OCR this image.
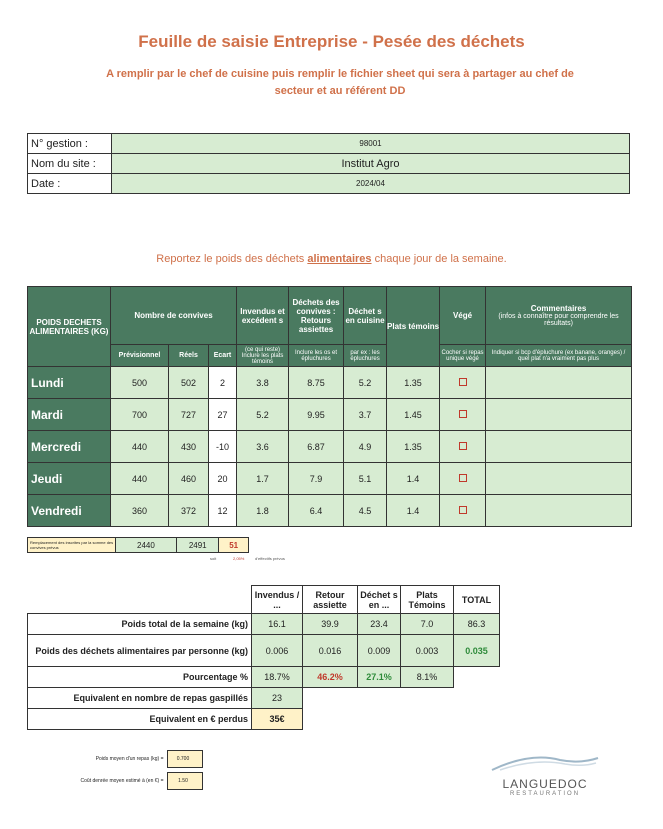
Feuille de saisie Entreprise - Pesée des déchets
A remplir par le chef de cuisine puis remplir le fichier sheet qui sera à partager au chef de secteur et au référent DD
N° gestion :	98001
Nom du site :	Institut Agro
Date :	2024/04
Reportez le poids des déchets alimentaires chaque jour de la semaine.
POIDS DECHETS ALIMENTAIRES (KG)	Nombre de convives			Invendus et excédent s	Déchets des convives : Retours assiettes	Déchet s en cuisine	Plats témoins	Végé	Commentaires
(infos à connaître pour comprendre les résultats)

	Prévisionnel	Réels	Ecart	(ce qui reste) Inclure les plats témoins	Inclure les os et épluchures	par ex : les épluchures		Cocher si repas unique végé	Indiquer si bcp d'épluchure (ex banane, oranges) / quel plat n'a vraiment pas plus
Lundi	500	502	2	3.8	8.75	5.2	1.35		
Mardi	700	727	27	5.2	9.95	3.7	1.45		
Mercredi	440	430	-10	3.6	6.87	4.9	1.35		
Jeudi	440	460	20	1.7	7.9	5.1	1.4		
Vendredi	360	372	12	1.8	6.4	4.5	1.4		
Remplacement des inscrites par la somme des convives prévus	2440	2491	51
soit	2,05%	d'effectifs prévus
	Invendus / ...	Retour assiette	Déchet s en ...	Plats Témoins	TOTAL
Poids total de la semaine (kg)	16.1	39.9	23.4	7.0	86.3
Poids des déchets alimentaires par personne (kg)	0.006	0.016	0.009	0.003	0.035
Pourcentage %	18.7%	46.2%	27.1%	8.1%	
Equivalent en nombre de repas gaspillés	23				
Equivalent en € perdus	35€				
Poids moyen d'un repas (kg) =	0.700

Coût denrée moyen estimé à (en €) =	1.50	LANGUEDOC
RESTAURATION
